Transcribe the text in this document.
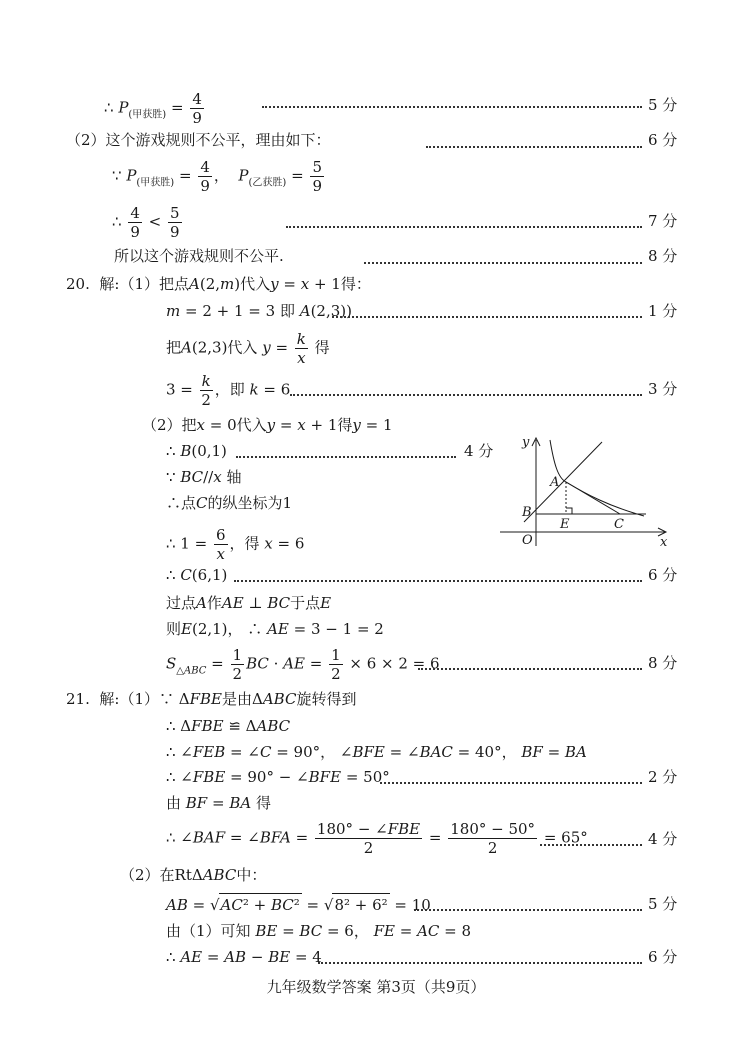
∴ $P_{(甲获胜)} = \frac{4}{9}$	5 分
（2）这个游戏规则不公平，理由如下：	6 分
∵ $P_{(甲获胜)} = \frac{4}{9}$ ，  $P_{(乙获胜)} = \frac{5}{9}$
∴ $\frac{4}{9} < \frac{5}{9}$	7 分
所以这个游戏规则不公平.	8 分
20.  解:（1）把点A(2,m)代入y = x + 1得：
m = 2 + 1 = 3 即 A(2,3))	1 分
把A(2,3)代入 $y = \frac{k}{x}$ 得
$3 = \frac{k}{2}$ ，即 k = 6	3 分
（2）把x = 0代入y = x + 1得y = 1
∴ B(0,1)	4 分
∵ BC//x 轴
∴点C的纵坐标为1
∴ $1 = \frac{6}{x}$ ，得 x = 6
∴ C(6,1)	6 分
过点A作AE ⊥ BC于点E
则E(2,1)， ∴ AE = 3 − 1 = 2
$S_{\triangle ABC} = \frac{1}{2}$ BC · AE = $\frac{1}{2} \times 6 \times 2 = 6$	8 分
21.  解:（1）∵ ΔFBE是由ΔABC旋转得到
∴ ΔFBE ≌ ΔABC
∴ ∠FEB = ∠C = 90°， ∠BFE = ∠BAC = 40°， BF = BA
∴ ∠FBE = 90° − ∠BFE = 50°	2 分
由 BF = BA 得
∴ ∠BAF = ∠BFA = $\frac{\text{180° − ∠FBE}}{2} = \frac{180^\circ - 50^\circ}{2} = 65^\circ$	4 分
（2）在RtΔABC中：
AB = √AC² + BC² = √8² + 6² = 10	5 分
由（1）可知 BE = BC = 6， FE = AC = 8
∴ AE = AB − BE = 4	6 分
y
x
A
B
E	C
O
九年级数学答案 第3页（共9页）
